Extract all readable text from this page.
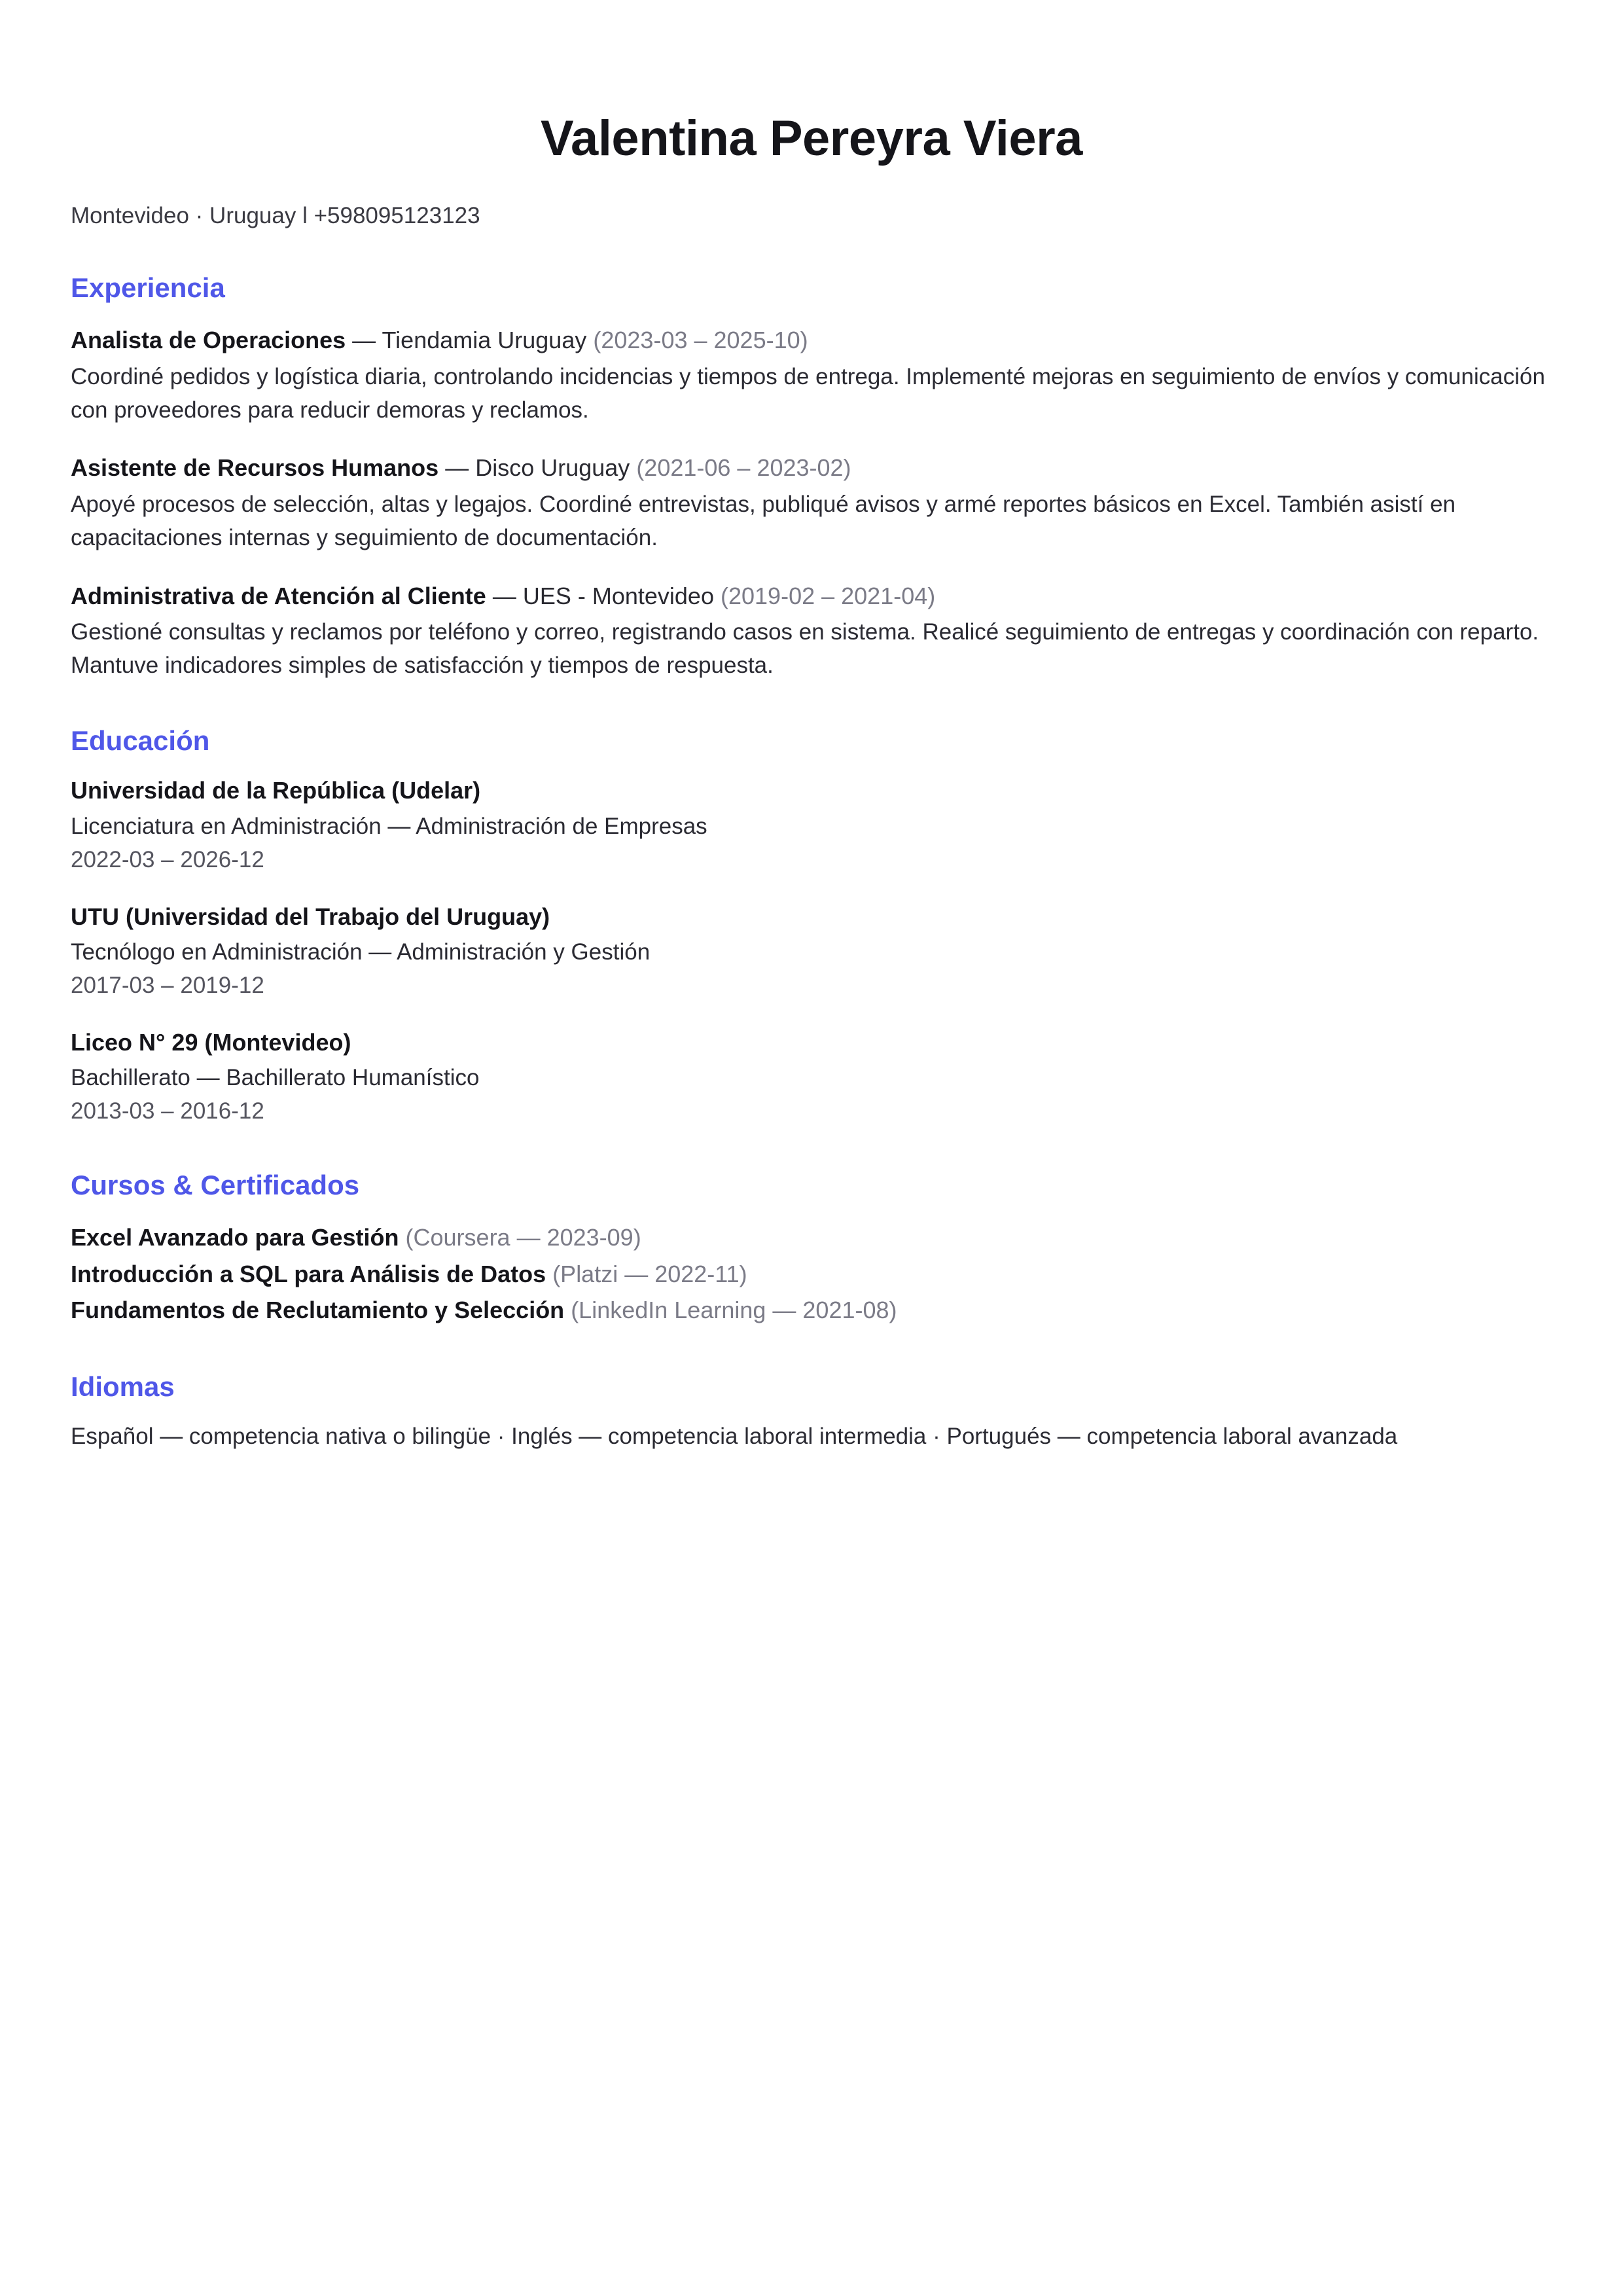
Valentina Pereyra Viera
Montevideo · Uruguay l +598095123123
Experiencia
Analista de Operaciones — Tiendamia Uruguay (2023-03 – 2025-10)

Coordiné pedidos y logística diaria, controlando incidencias y tiempos de entrega. Implementé mejoras en seguimiento de envíos y comunicación con proveedores para reducir demoras y reclamos.

Asistente de Recursos Humanos — Disco Uruguay (2021-06 – 2023-02)

Apoyé procesos de selección, altas y legajos. Coordiné entrevistas, publiqué avisos y armé reportes básicos en Excel. También asistí en capacitaciones internas y seguimiento de documentación.

Administrativa de Atención al Cliente — UES - Montevideo (2019-02 – 2021-04)

Gestioné consultas y reclamos por teléfono y correo, registrando casos en sistema. Realicé seguimiento de entregas y coordinación con reparto. Mantuve indicadores simples de satisfacción y tiempos de respuesta.

Educación
Universidad de la República (Udelar)
Licenciatura en Administración — Administración de Empresas
2022-03 – 2026-12
UTU (Universidad del Trabajo del Uruguay)
Tecnólogo en Administración — Administración y Gestión
2017-03 – 2019-12
Liceo N° 29 (Montevideo)
Bachillerato — Bachillerato Humanístico
2013-03 – 2016-12
Cursos & Certificados
Excel Avanzado para Gestión (Coursera — 2023-09)
Introducción a SQL para Análisis de Datos (Platzi — 2022-11)
Fundamentos de Reclutamiento y Selección (LinkedIn Learning — 2021-08)
Idiomas

Español — competencia nativa o bilingüe · Inglés — competencia laboral intermedia · Portugués — competencia laboral avanzada
